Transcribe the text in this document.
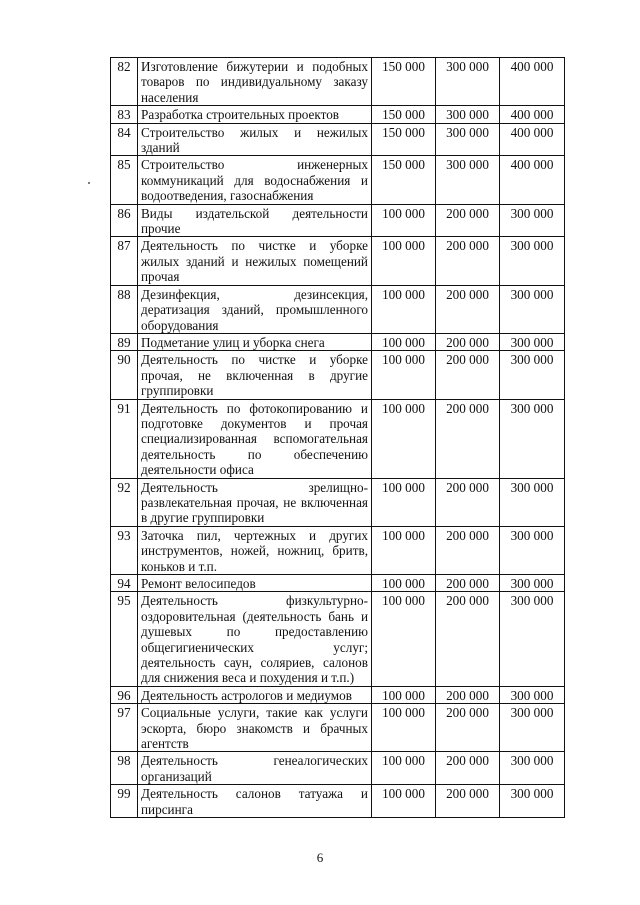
82	Изготовление бижутерии и подобных товаров по индивидуальному заказу населения	150 000	300 000	400 000
83	Разработка строительных проектов	150 000	300 000	400 000
84	Строительство жилых и нежилых зданий	150 000	300 000	400 000
85	Строительство инженерных коммуникаций для водоснабжения и водоотведения, газоснабжения	150 000	300 000	400 000
86	Виды издательской деятельности прочие	100 000	200 000	300 000
87	Деятельность по чистке и уборке жилых зданий и нежилых помещений прочая	100 000	200 000	300 000
88	Дезинфекция, дезинсекция, дератизация зданий, промышленного оборудования	100 000	200 000	300 000
89	Подметание улиц и уборка снега	100 000	200 000	300 000
90	Деятельность по чистке и уборке прочая, не включенная в другие группировки	100 000	200 000	300 000
91	Деятельность по фотокопированию и подготовке документов и прочая специализированная вспомогательная деятельность по обеспечению деятельности офиса	100 000	200 000	300 000
92	Деятельность зрелищно-развлекательная прочая, не включенная в другие группировки	100 000	200 000	300 000
93	Заточка пил, чертежных и других инструментов, ножей, ножниц, бритв, коньков и т.п.	100 000	200 000	300 000
94	Ремонт велосипедов	100 000	200 000	300 000
95	Деятельность физкультурно-оздоровительная (деятельность бань и душевых по предоставлению общегигиенических услуг; деятельность саун, соляриев, салонов для снижения веса и похудения и т.п.)	100 000	200 000	300 000
96	Деятельность астрологов и медиумов	100 000	200 000	300 000
97	Социальные услуги, такие как услуги эскорта, бюро знакомств и брачных агентств	100 000	200 000	300 000
98	Деятельность генеалогических организаций	100 000	200 000	300 000
99	Деятельность салонов татуажа и пирсинга	100 000	200 000	300 000
6
